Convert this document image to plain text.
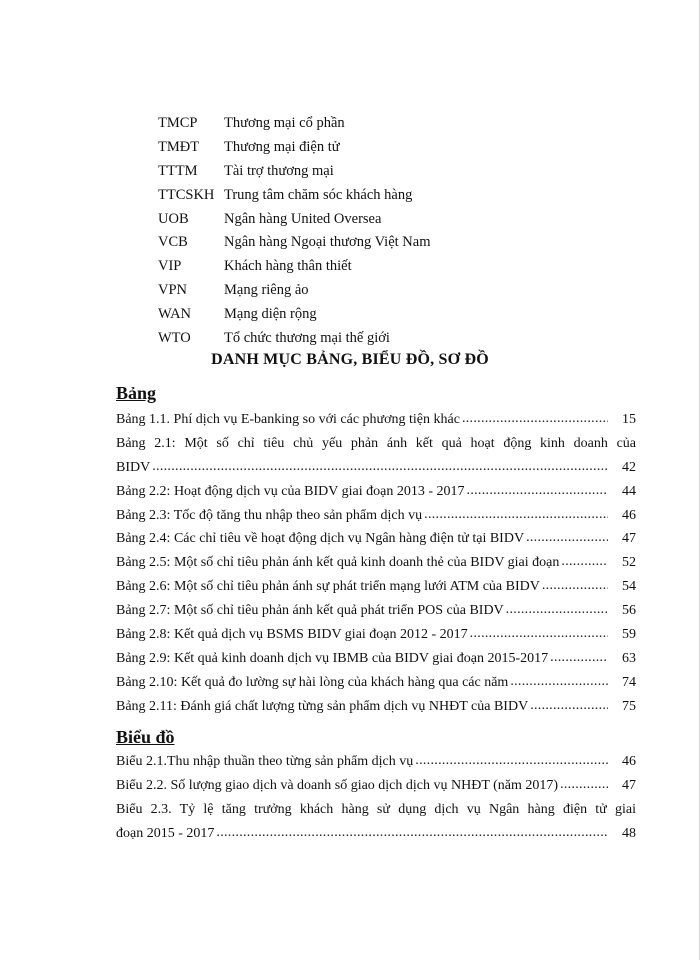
TMCP	Thương mại cổ phần
TMĐT	Thương mại điện tử
TTTM	Tài trợ thương mại
TTCSKH Trung tâm chăm sóc khách hàng
UOB	Ngân hàng United Oversea
VCB	Ngân hàng Ngoại thương Việt Nam
VIP	Khách hàng thân thiết
VPN	Mạng riêng ảo
WAN	Mạng diện rộng
WTO	Tổ chức thương mại thế giới
DANH MỤC BẢNG, BIỂU ĐỒ, SƠ ĐỒ
Bảng
Bảng 1.1. Phí dịch vụ E-banking so với các phương tiện khác .....	15
Bảng 2.1: Một số chỉ tiêu chủ yếu phản ánh kết quả hoạt động kinh doanh của
BIDV .....	42
Bảng 2.2: Hoạt động dịch vụ của BIDV giai đoạn 2013 - 2017 .....	44
Bảng 2.3: Tốc độ tăng thu nhập theo sản phẩm dịch vụ .....	46
Bảng 2.4: Các chỉ tiêu về hoạt động dịch vụ Ngân hàng điện tử tại BIDV .....	47
Bảng 2.5: Một số chỉ tiêu phản ánh kết quả kinh doanh thẻ của BIDV giai đoạn .....	52
Bảng 2.6: Một số chỉ tiêu phản ánh sự phát triển mạng lưới ATM của BIDV .....	54
Bảng 2.7: Một số chỉ tiêu phản ánh kết quả phát triển POS của BIDV .....	56
Bảng 2.8: Kết quả dịch vụ BSMS BIDV giai đoạn 2012 - 2017 .....	59
Bảng 2.9: Kết quả kinh doanh dịch vụ IBMB của BIDV giai đoạn 2015-2017 .....	63
Bảng 2.10: Kết quả đo lường sự hài lòng của khách hàng qua các năm .....	74
Bảng 2.11: Đánh giá chất lượng từng sản phẩm dịch vụ NHĐT của BIDV .....	75
Biểu đồ
Biểu 2.1.Thu nhập thuần theo từng sản phẩm dịch vụ .....	46
Biểu 2.2. Số lượng giao dịch và doanh số giao dịch dịch vụ NHĐT (năm 2017) .....	47
Biểu 2.3. Tỷ lệ tăng trưởng khách hàng sử dụng dịch vụ Ngân hàng điện tử giai
đoạn 2015 - 2017 .....	48
